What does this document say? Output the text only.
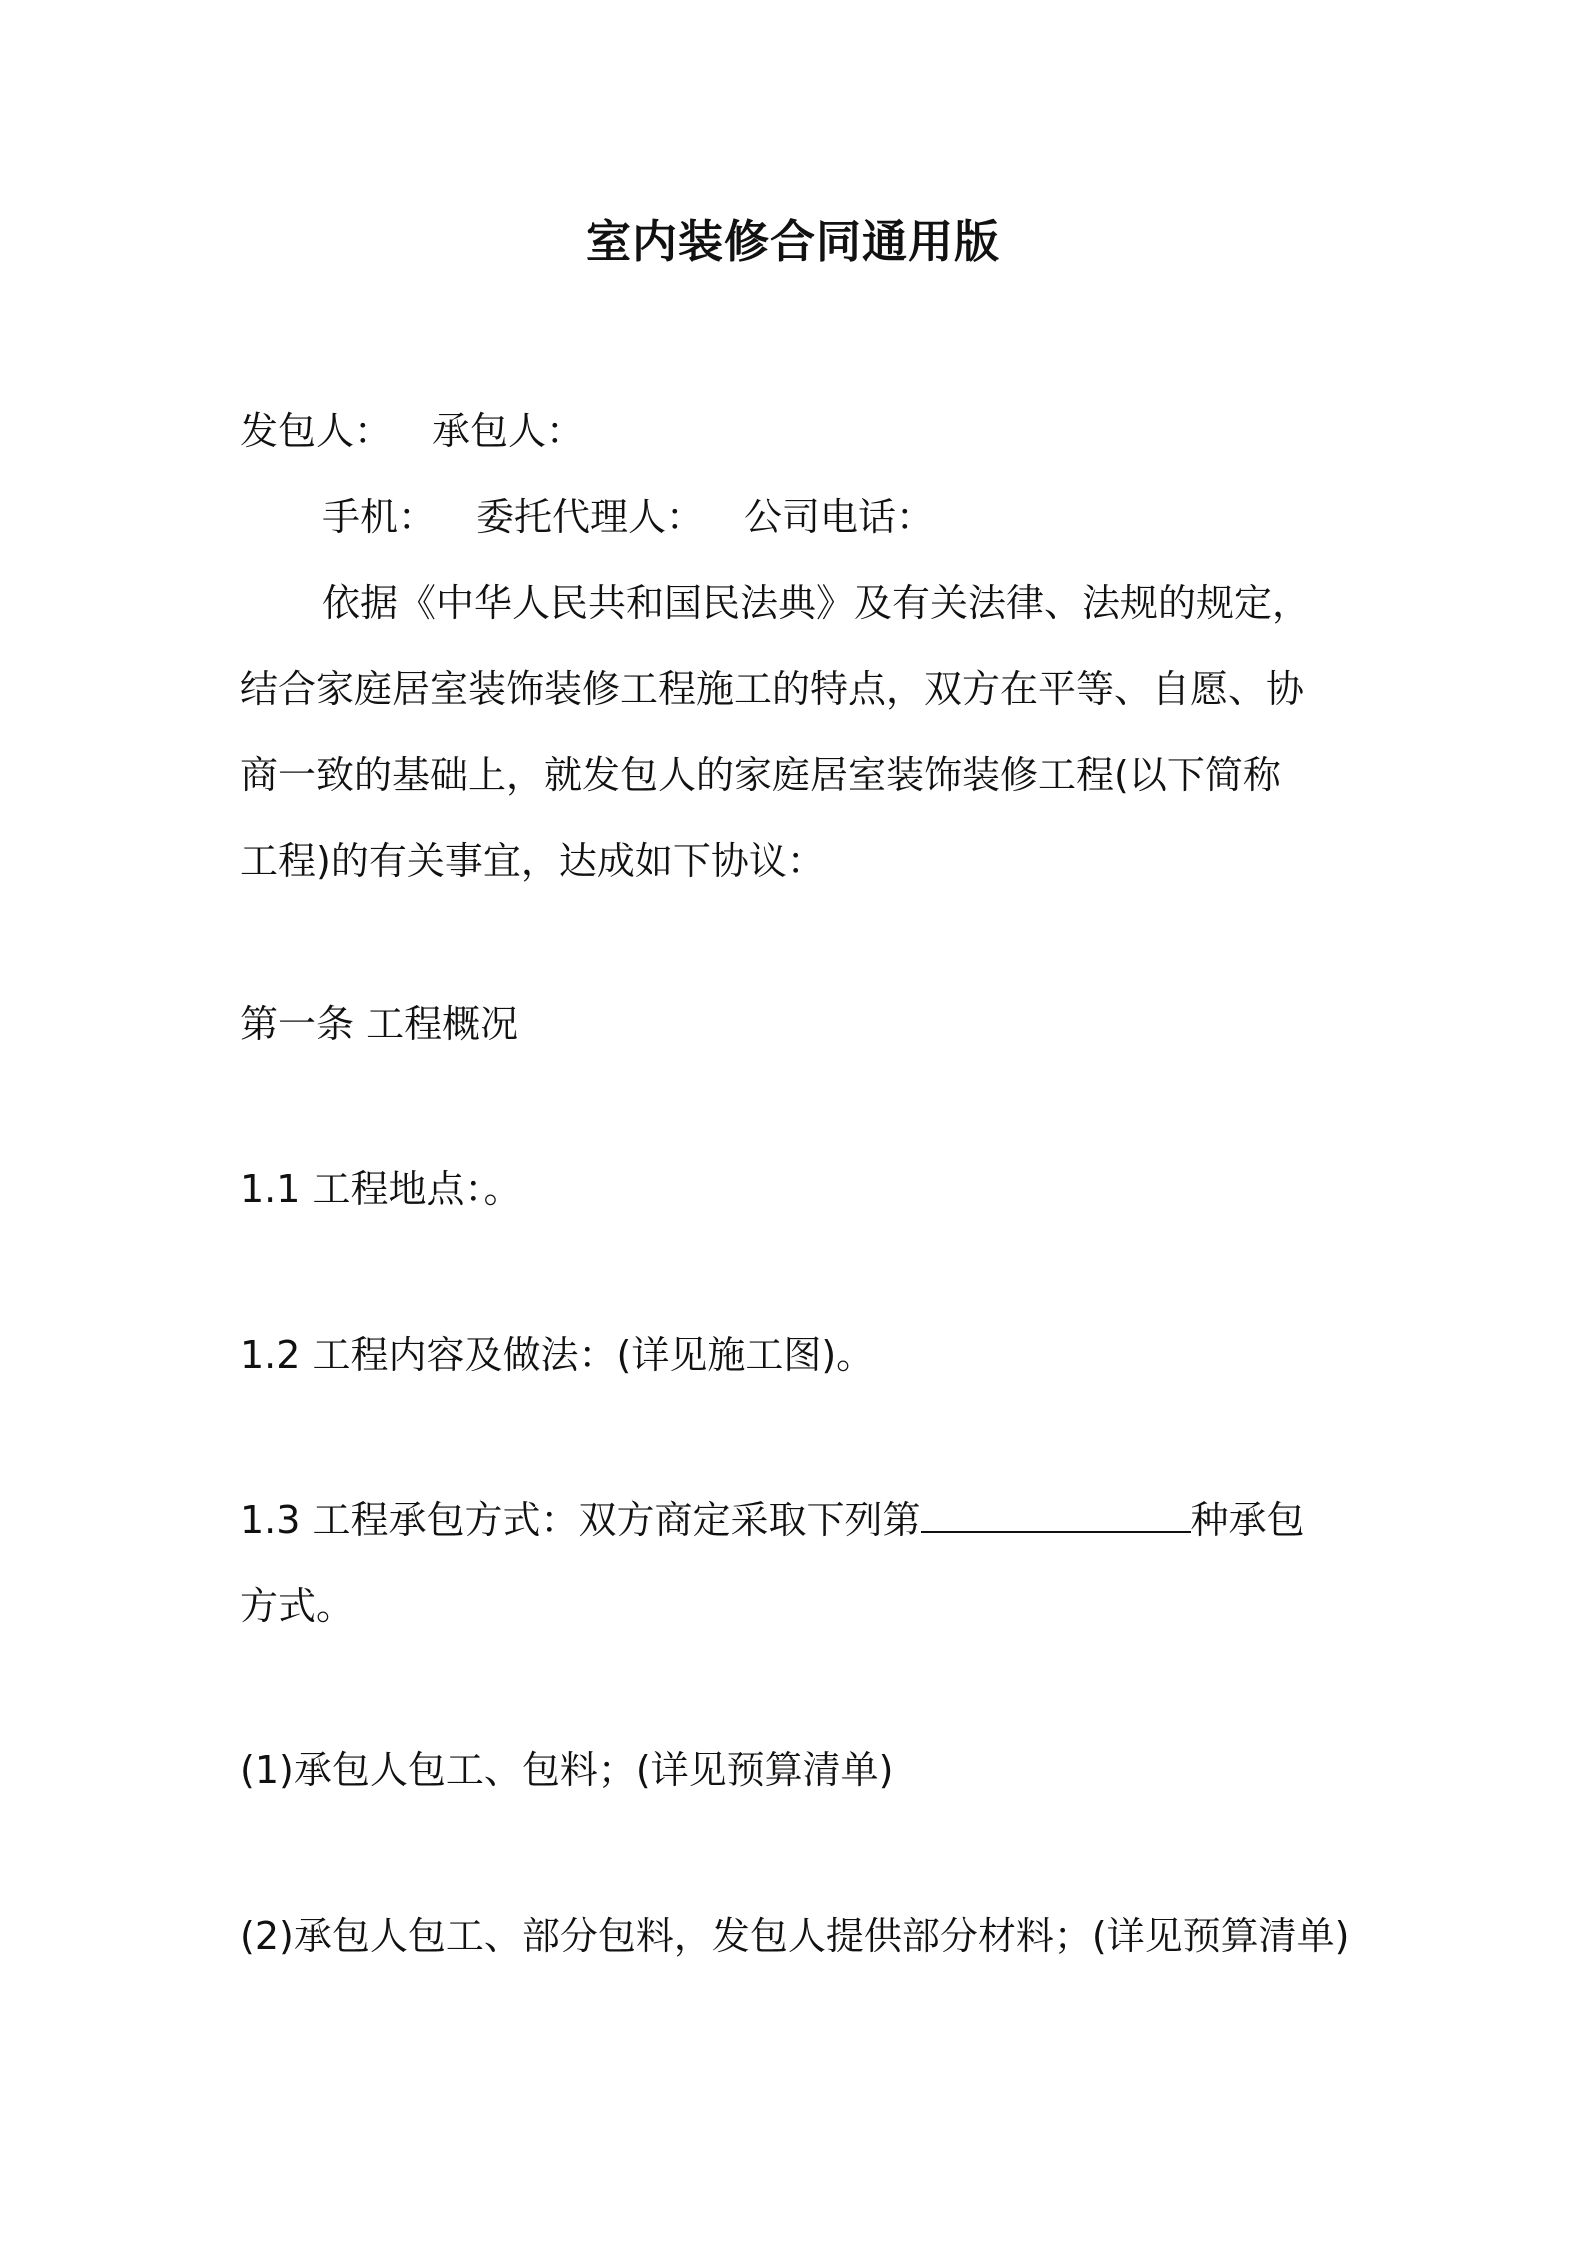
室内装修合同通用版
发包人： 承包人：
手机： 委托代理人： 公司电话：
依据《中华人民共和国民法典》及有关法律、法规的规定，
结合家庭居室装饰装修工程施工的特点，双方在平等、自愿、协
商一致的基础上，就发包人的家庭居室装饰装修工程(以下简称
工程)的有关事宜，达成如下协议：
第一条 工程概况
1.1 工程地点：。
1.2 工程内容及做法：(详见施工图)。
1.3 工程承包方式：双方商定采取下列第	种承包
方式。
(1)承包人包工、包料；(详见预算清单)
(2)承包人包工、部分包料，发包人提供部分材料；(详见预算清单)
